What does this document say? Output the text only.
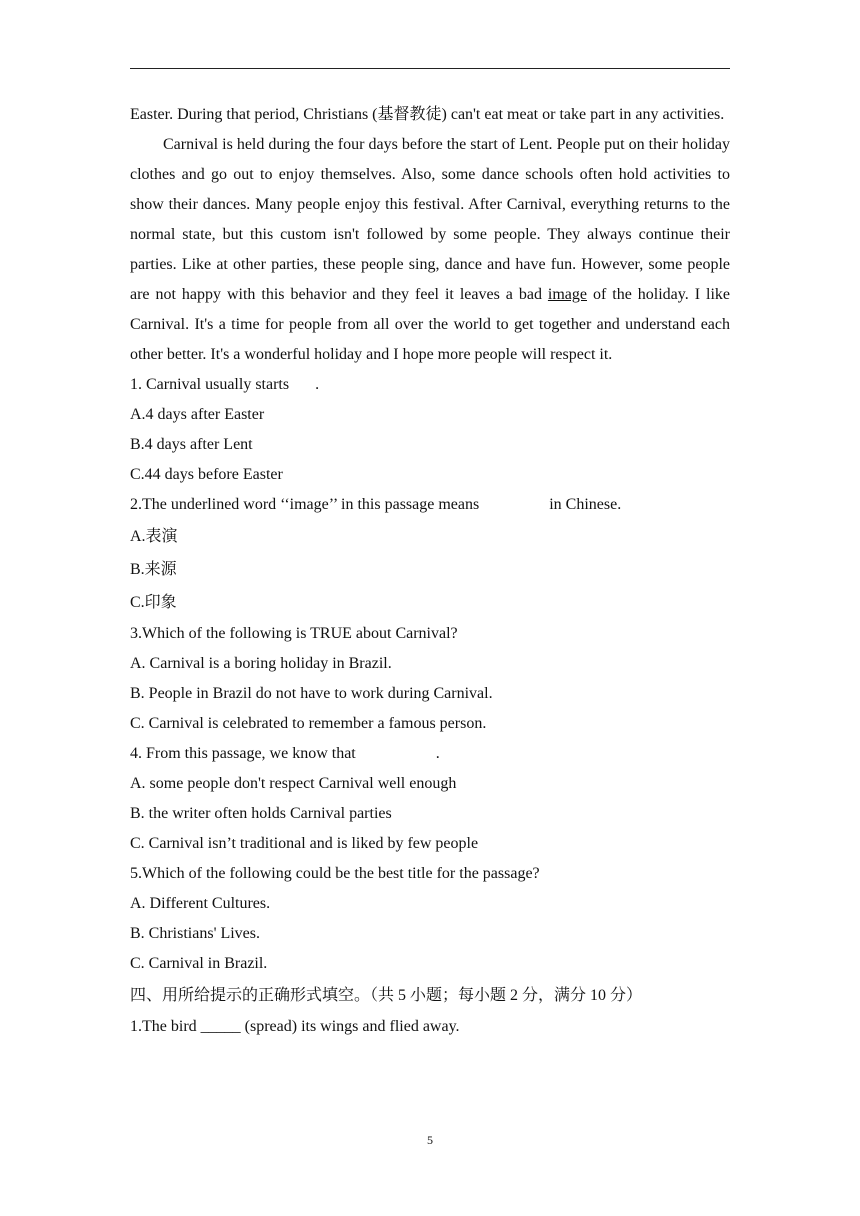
Easter. During that period, Christians (基督教徒) can't eat meat or take part in any activities.

Carnival is held during the four days before the start of Lent. People put on their holiday clothes and go out to enjoy themselves. Also, some dance schools often hold activities to show their dances. Many people enjoy this festival. After Carnival, everything returns to the normal state, but this custom isn't followed by some people. They always continue their parties. Like at other parties, these people sing, dance and have fun. However, some people are not happy with this behavior and they feel it leaves a bad image of the holiday. I like Carnival. It's a time for people from all over the world to get together and understand each other better. It's a wonderful holiday and I hope more people will respect it.

1. Carnival usually starts .
A.4 days after Easter
B.4 days after Lent
C.44 days before Easter
2.The underlined word ‘‘image’’ in this passage means	in Chinese.
A.表演
B.来源
C.印象
3.Which of the following is TRUE about Carnival?
A. Carnival is a boring holiday in Brazil.
B. People in Brazil do not have to work during Carnival.
C. Carnival is celebrated to remember a famous person.
4. From this passage, we know that	.
A. some people don't respect Carnival well enough
B. the writer often holds Carnival parties
C. Carnival isn’t traditional and is liked by few people
5.Which of the following could be the best title for the passage?
A. Different Cultures.
B. Christians' Lives.
C. Carnival in Brazil.
四、用所给提示的正确形式填空。（共 5 小题；每小题 2 分，满分 10 分）
1.The bird _____ (spread) its wings and flied away.
5
